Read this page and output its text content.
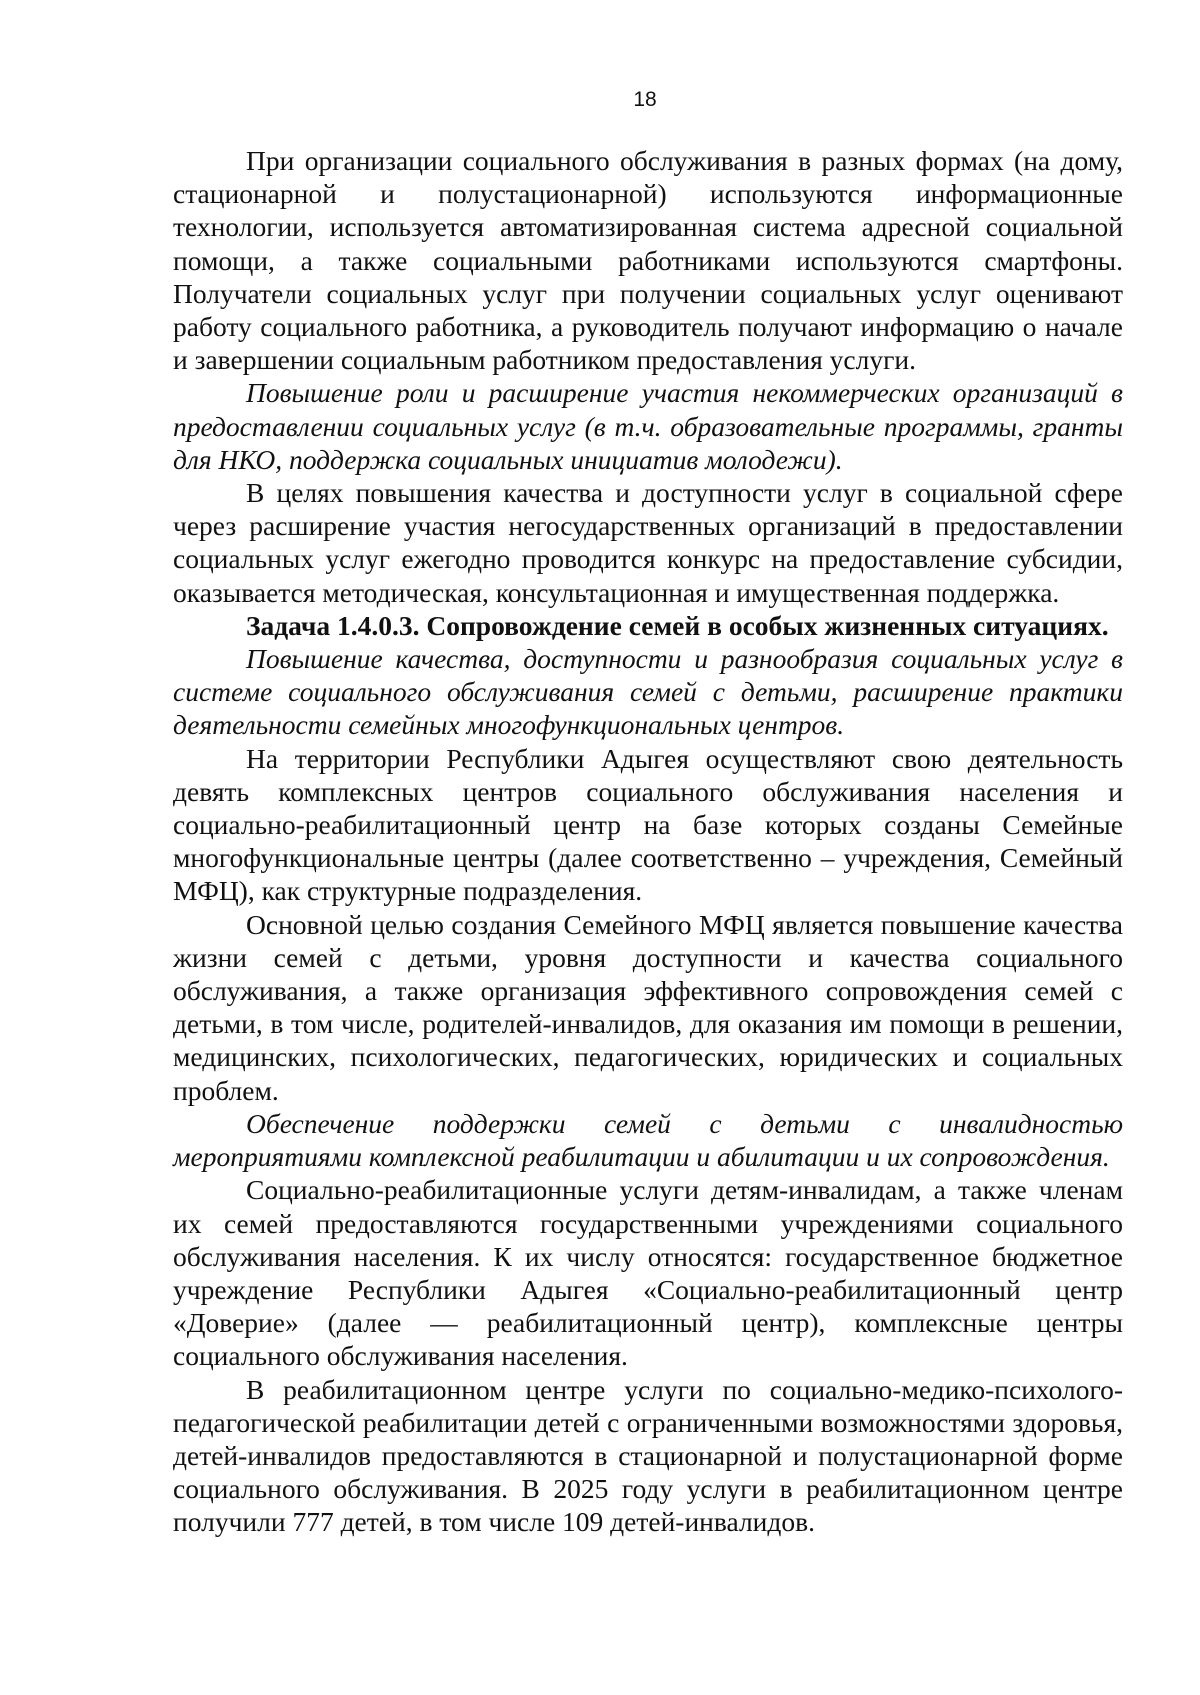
18

При организации социального обслуживания в разных формах (на дому, стационарной и полустационарной) используются информационные технологии, используется автоматизированная система адресной социальной помощи, а также социальными работниками используются смартфоны. Получатели социальных услуг при получении социальных услуг оценивают работу социального работника, а руководитель получают информацию о начале и завершении социальным работником предоставления услуги.

Повышение роли и расширение участия некоммерческих организаций в предоставлении социальных услуг (в т.ч. образовательные программы, гранты для НКО, поддержка социальных инициатив молодежи).

В целях повышения качества и доступности услуг в социальной сфере через расширение участия негосударственных организаций в предоставлении социальных услуг ежегодно проводится конкурс на предоставление субсидии, оказывается методическая, консультационная и имущественная поддержка.

Задача 1.4.0.3. Сопровождение семей в особых жизненных ситуациях.

Повышение качества, доступности и разнообразия социальных услуг в системе социального обслуживания семей с детьми, расширение практики деятельности семейных многофункциональных центров.

На территории Республики Адыгея осуществляют свою деятельность девять комплексных центров социального обслуживания населения и социально-реабилитационный центр на базе которых созданы Семейные многофункциональные центры (далее соответственно – учреждения, Семейный МФЦ), как структурные подразделения.

Основной целью создания Семейного МФЦ является повышение качества жизни семей с детьми, уровня доступности и качества социального обслуживания, а также организация эффективного сопровождения семей с детьми, в том числе, родителей-инвалидов, для оказания им помощи в решении, медицинских, психологических, педагогических, юридических и социальных проблем.

Обеспечение поддержки семей с детьми с инвалидностью мероприятиями комплексной реабилитации и абилитации и их сопровождения.

Социально-реабилитационные услуги детям-инвалидам, а также членам их семей предоставляются государственными учреждениями социального обслуживания населения. К их числу относятся: государственное бюджетное учреждение Республики Адыгея «Социально-реабилитационный центр «Доверие» (далее — реабилитационный центр), комплексные центры социального обслуживания населения.

В реабилитационном центре услуги по социально-медико-психолого-педагогической реабилитации детей с ограниченными возможностями здоровья, детей-инвалидов предоставляются в стационарной и полустационарной форме социального обслуживания. В 2025 году услуги в реабилитационном центре получили 777 детей, в том числе 109 детей-инвалидов.
